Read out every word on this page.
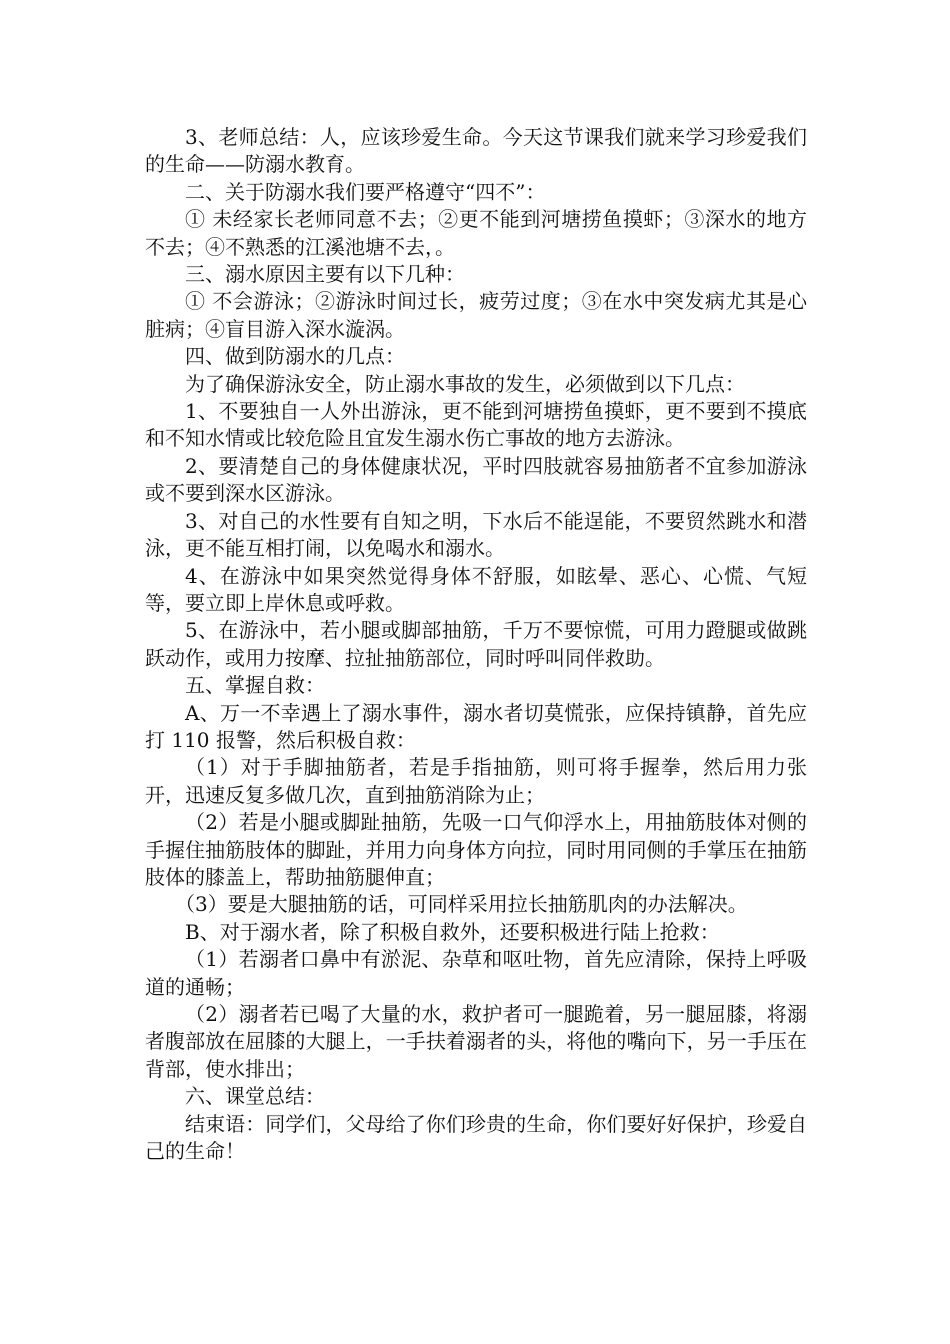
3、老师总结：人，应该珍爱生命。今天这节课我们就来学习珍爱我们的生命——防溺水教育。

二、关于防溺水我们要严格遵守“四不”：

① 未经家长老师同意不去；②更不能到河塘捞鱼摸虾；③深水的地方不去；④不熟悉的江溪池塘不去，。

三、溺水原因主要有以下几种：

① 不会游泳；②游泳时间过长，疲劳过度；③在水中突发病尤其是心脏病；④盲目游入深水漩涡。

四、做到防溺水的几点：

为了确保游泳安全，防止溺水事故的发生，必须做到以下几点：

1、不要独自一人外出游泳，更不能到河塘捞鱼摸虾，更不要到不摸底和不知水情或比较危险且宜发生溺水伤亡事故的地方去游泳。

2、要清楚自己的身体健康状况，平时四肢就容易抽筋者不宜参加游泳或不要到深水区游泳。

3、对自己的水性要有自知之明，下水后不能逞能，不要贸然跳水和潜泳，更不能互相打闹，以免喝水和溺水。

4、在游泳中如果突然觉得身体不舒服，如眩晕、恶心、心慌、气短等，要立即上岸休息或呼救。

5、在游泳中，若小腿或脚部抽筋，千万不要惊慌，可用力蹬腿或做跳跃动作，或用力按摩、拉扯抽筋部位，同时呼叫同伴救助。

五、掌握自救：

A、万一不幸遇上了溺水事件，溺水者切莫慌张，应保持镇静，首先应打 110 报警，然后积极自救：

（1）对于手脚抽筋者，若是手指抽筋，则可将手握拳，然后用力张开，迅速反复多做几次，直到抽筋消除为止；

（2）若是小腿或脚趾抽筋，先吸一口气仰浮水上，用抽筋肢体对侧的手握住抽筋肢体的脚趾，并用力向身体方向拉，同时用同侧的手掌压在抽筋肢体的膝盖上，帮助抽筋腿伸直；

（3）要是大腿抽筋的话，可同样采用拉长抽筋肌肉的办法解决。

B、对于溺水者，除了积极自救外，还要积极进行陆上抢救：

（1）若溺者口鼻中有淤泥、杂草和呕吐物，首先应清除，保持上呼吸道的通畅；

（2）溺者若已喝了大量的水，救护者可一腿跪着，另一腿屈膝，将溺者腹部放在屈膝的大腿上，一手扶着溺者的头，将他的嘴向下，另一手压在背部，使水排出；

六、课堂总结：

结束语：同学们，父母给了你们珍贵的生命，你们要好好保护，珍爱自己的生命！
